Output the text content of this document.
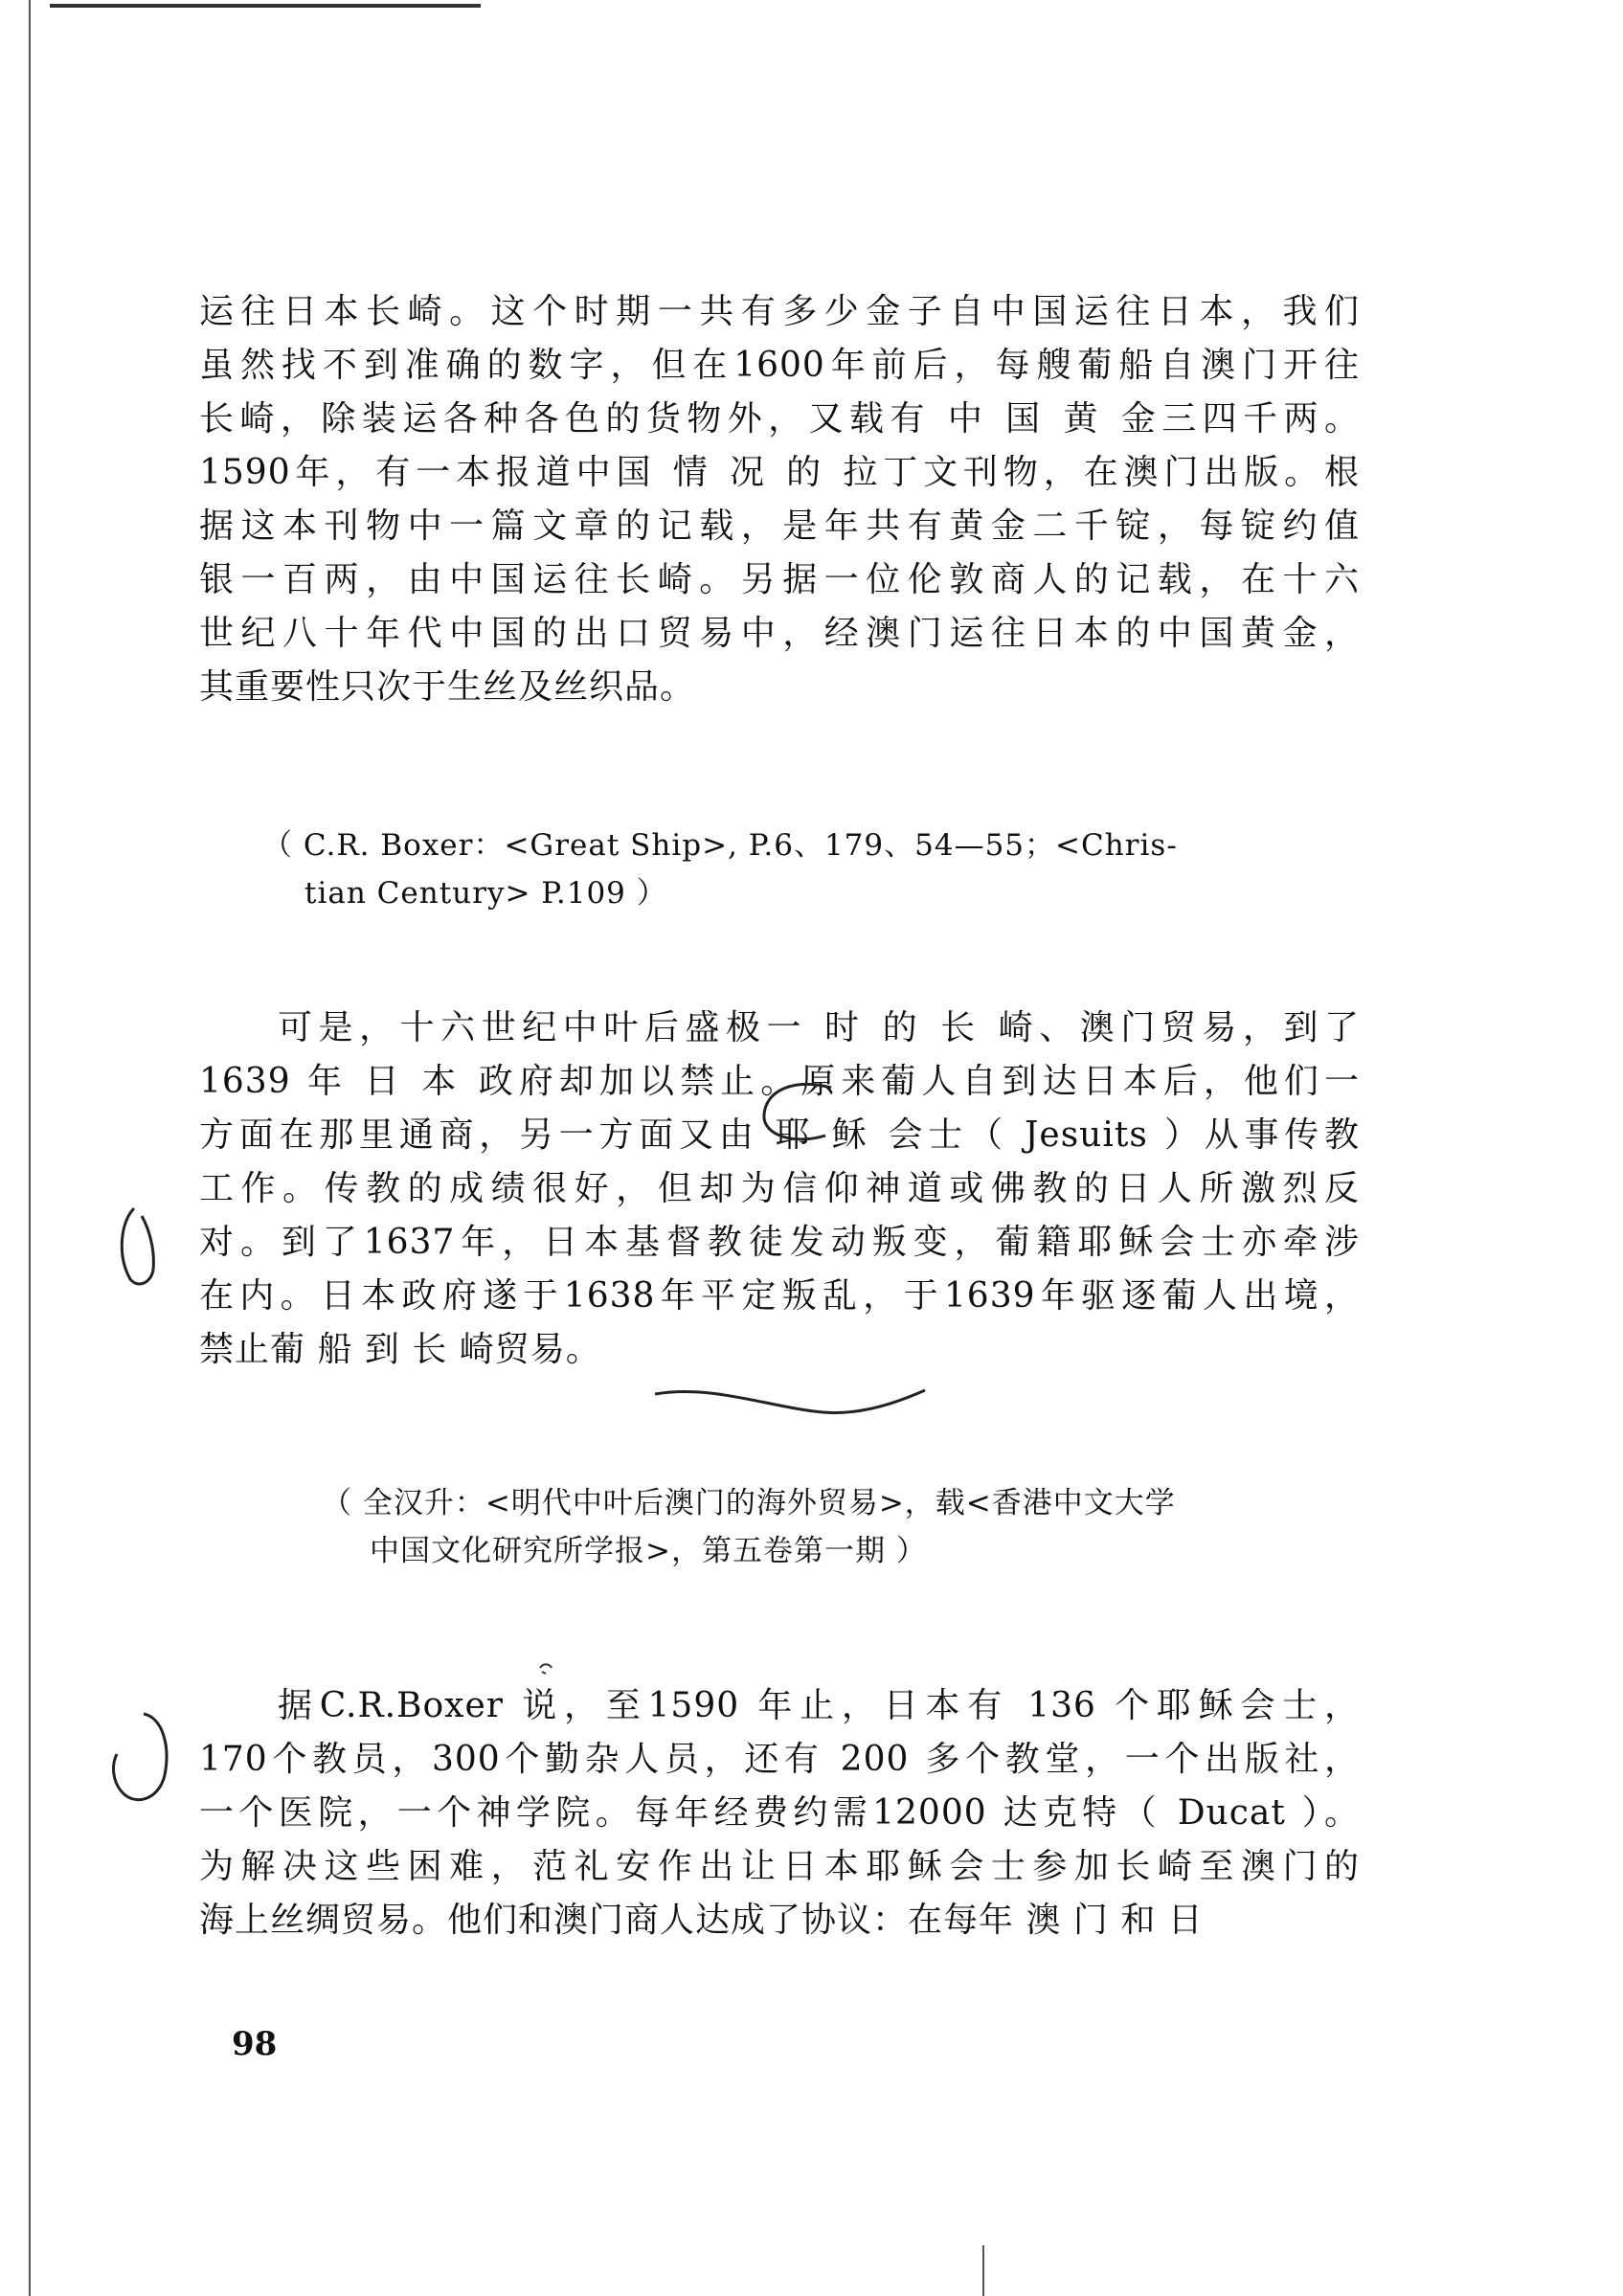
运往日本长崎。这个时期一共有多少金子自中国运往日本，我们
虽然找不到准确的数字，但在1600年前后，每艘葡船自澳门开往
长崎，除装运各种各色的货物外，又载有 中 国 黄 金三四千两。
1590年，有一本报道中国 情 况 的 拉丁文刊物，在澳门出版。根
据这本刊物中一篇文章的记载，是年共有黄金二千锭，每锭约值
银一百两，由中国运往长崎。另据一位伦敦商人的记载，在十六
世纪八十年代中国的出口贸易中，经澳门运往日本的中国黄金，
其重要性只次于生丝及丝织品。
（ C.R. Boxer：<Great Ship>, P.6、179、54—55；<Chris-
tian Century> P.109 ）
可是，十六世纪中叶后盛极一 时 的 长 崎、澳门贸易，到了
1639 年 日 本 政府却加以禁止。原来葡人自到达日本后，他们一
方面在那里通商，另一方面又由 耶 稣 会士（ Jesuits ）从事传教
工作。传教的成绩很好，但却为信仰神道或佛教的日人所激烈反
对。到了1637年，日本基督教徒发动叛变，葡籍耶稣会士亦牵涉
在内。日本政府遂于1638年平定叛乱，于1639年驱逐葡人出境，
禁止葡 船 到 长 崎贸易。
（ 全汉升：<明代中叶后澳门的海外贸易>，载<香港中文大学
中国文化研究所学报>，第五卷第一期 ）
据C.R.Boxer 说，至1590 年止，日本有 136 个耶稣会士，
170个教员，300个勤杂人员，还有 200 多个教堂，一个出版社，
一个医院，一个神学院。每年经费约需12000 达克特（ Ducat ）。
为解决这些困难，范礼安作出让日本耶稣会士参加长崎至澳门的
海上丝绸贸易。他们和澳门商人达成了协议：在每年 澳 门 和 日
98
